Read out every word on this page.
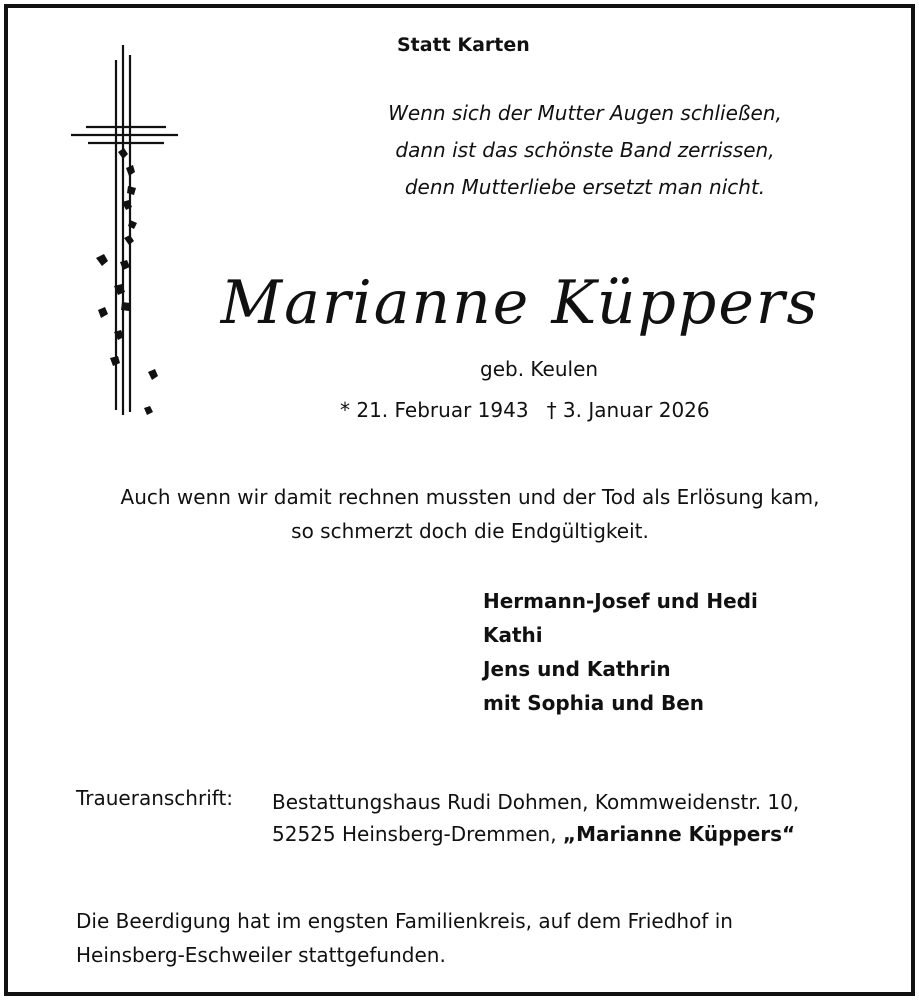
Statt Karten
Wenn sich der Mutter Augen schließen,
dann ist das schönste Band zerrissen,
denn Mutterliebe ersetzt man nicht.
Marianne Küppers
geb. Keulen
* 21. Februar 1943 † 3. Januar 2026
Auch wenn wir damit rechnen mussten und der Tod als Erlösung kam,
so schmerzt doch die Endgültigkeit.
Hermann-Josef und Hedi
Kathi
Jens und Kathrin
mit Sophia und Ben
Traueranschrift: Bestattungshaus Rudi Dohmen, Kommweidenstr. 10,
52525 Heinsberg-Dremmen, „Marianne Küppers“
Die Beerdigung hat im engsten Familienkreis, auf dem Friedhof in
Heinsberg-Eschweiler stattgefunden.
